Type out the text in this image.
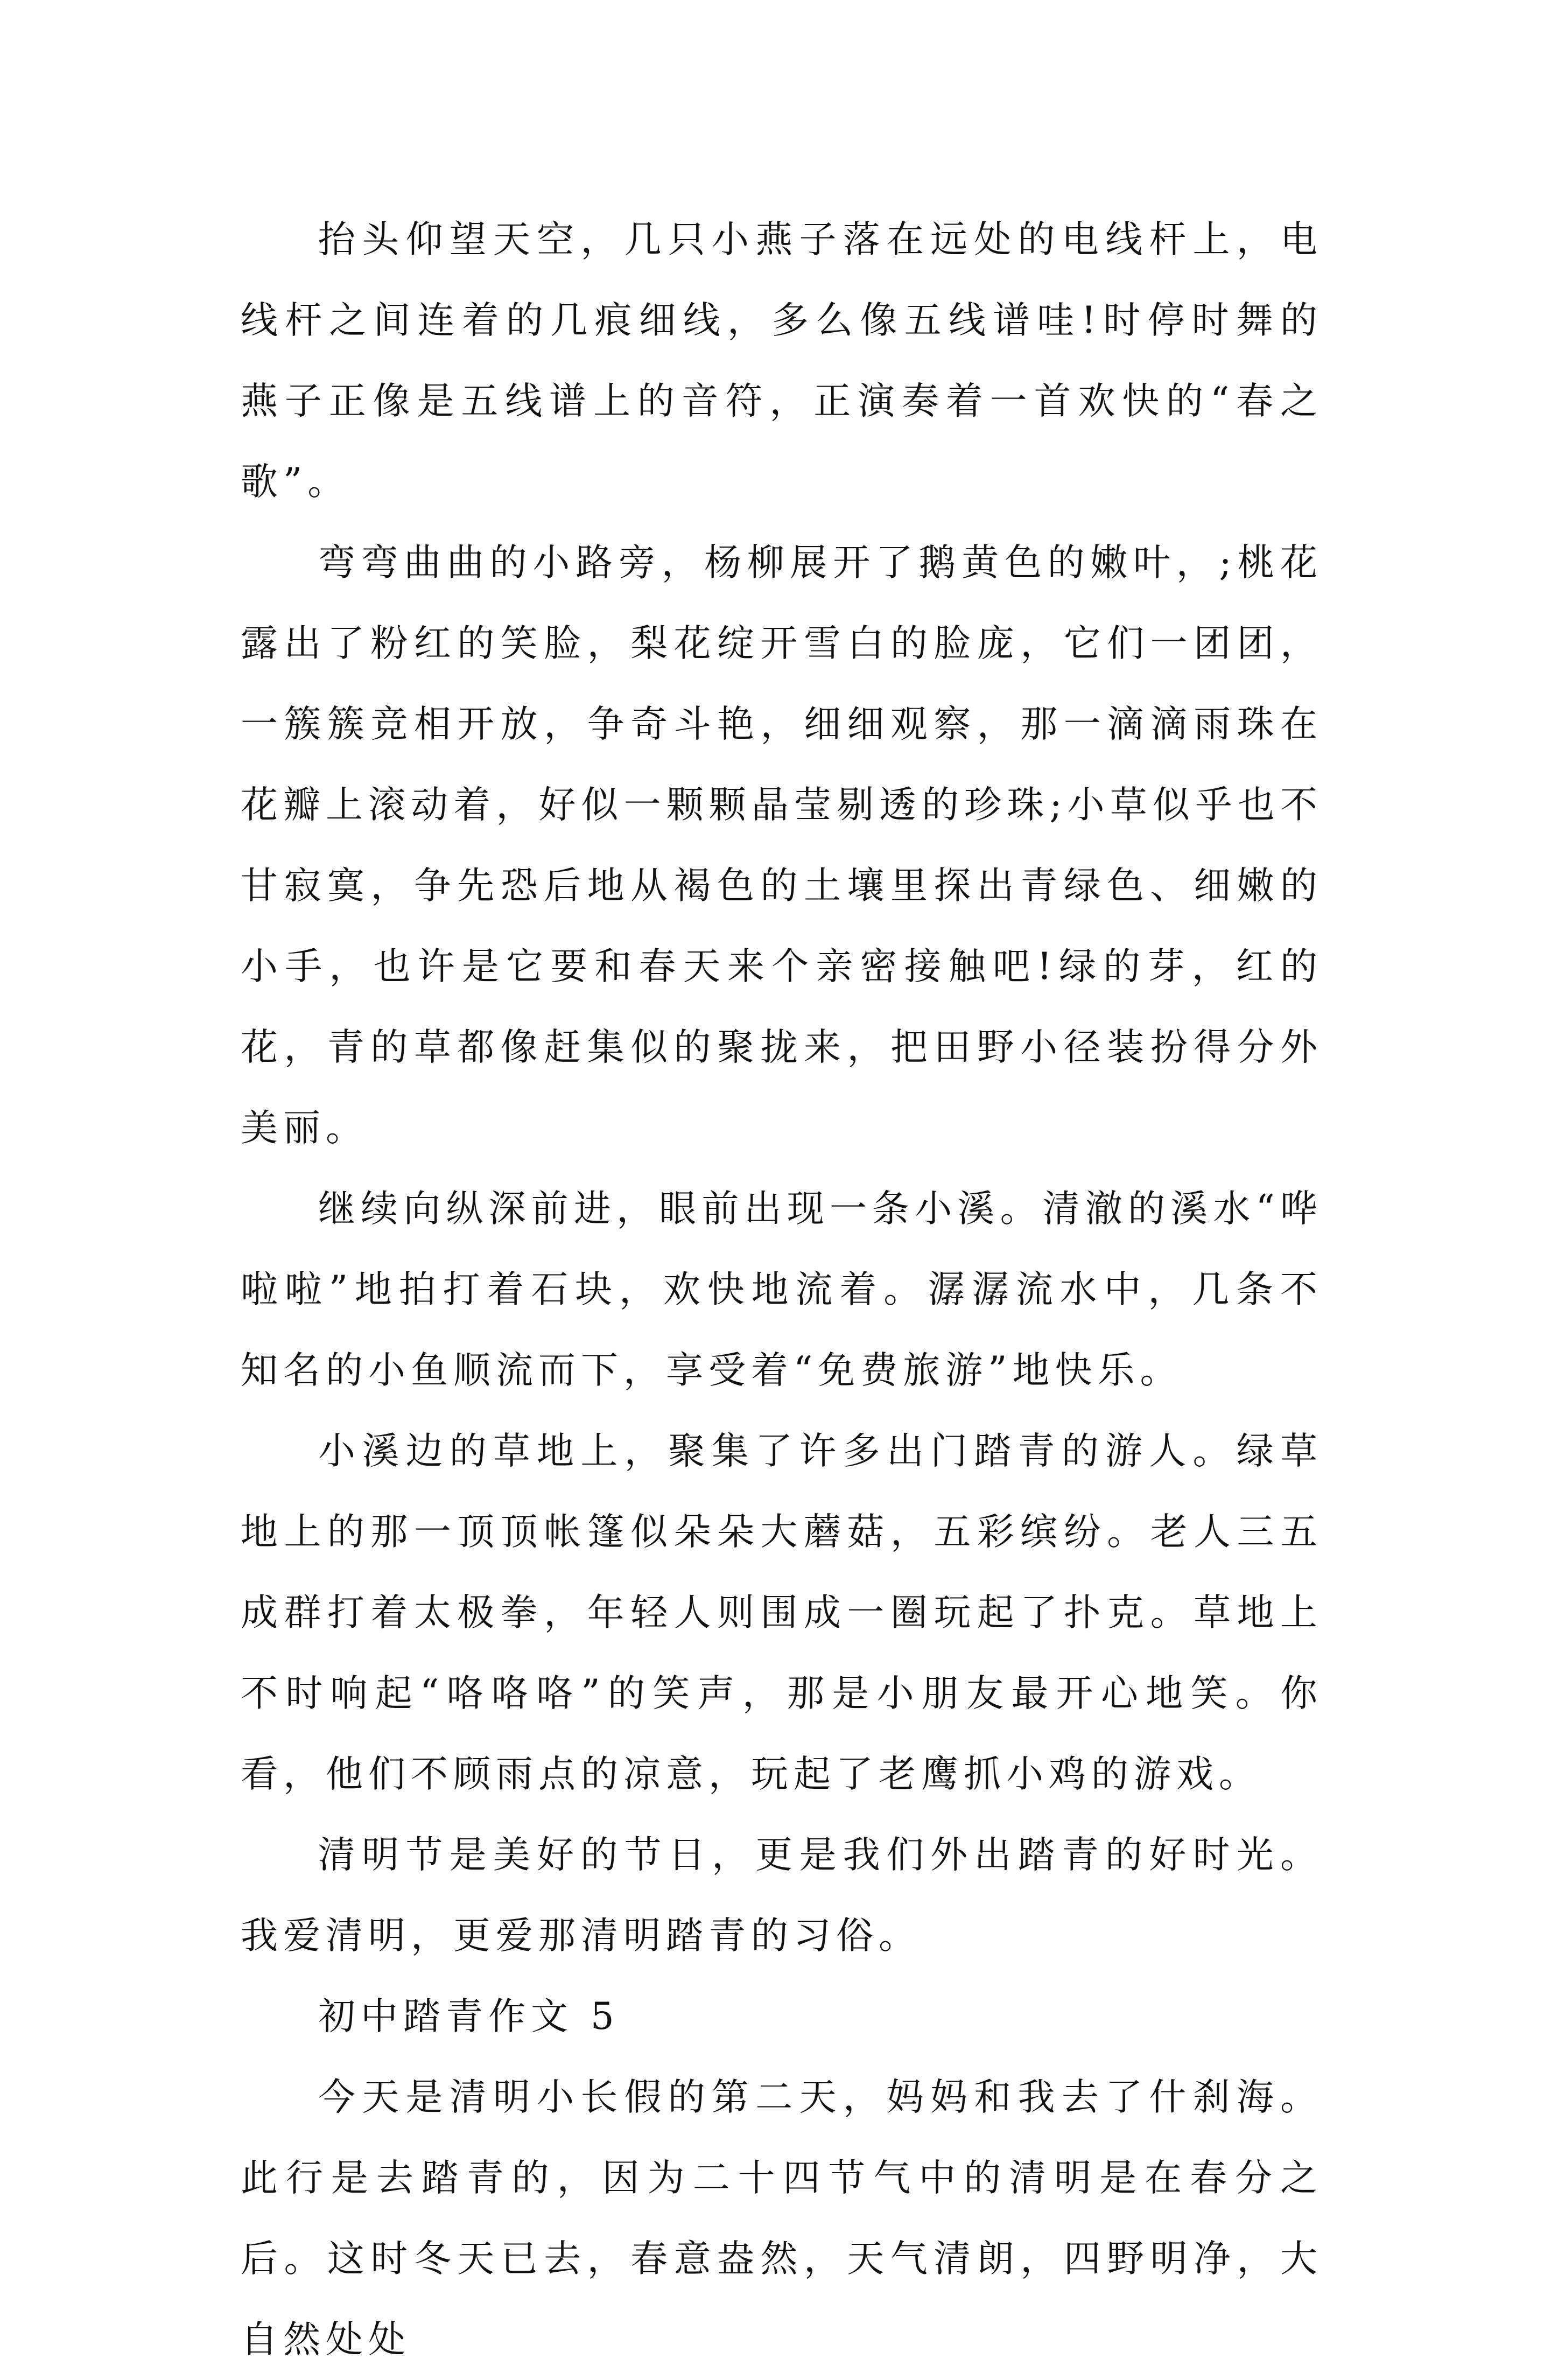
抬头仰望天空，几只小燕子落在远处的电线杆上，电线杆之间连着的几痕细线，多么像五线谱哇!时停时舞的燕子正像是五线谱上的音符，正演奏着一首欢快的“春之歌”。

弯弯曲曲的小路旁，杨柳展开了鹅黄色的嫩叶，;桃花露出了粉红的笑脸，梨花绽开雪白的脸庞，它们一团团，一簇簇竞相开放，争奇斗艳，细细观察，那一滴滴雨珠在花瓣上滚动着，好似一颗颗晶莹剔透的珍珠;小草似乎也不甘寂寞，争先恐后地从褐色的土壤里探出青绿色、细嫩的小手，也许是它要和春天来个亲密接触吧!绿的芽，红的花，青的草都像赶集似的聚拢来，把田野小径装扮得分外美丽。

继续向纵深前进，眼前出现一条小溪。清澈的溪水“哗啦啦”地拍打着石块，欢快地流着。潺潺流水中，几条不知名的小鱼顺流而下，享受着“免费旅游”地快乐。

小溪边的草地上，聚集了许多出门踏青的游人。绿草地上的那一顶顶帐篷似朵朵大蘑菇，五彩缤纷。老人三五成群打着太极拳，年轻人则围成一圈玩起了扑克。草地上不时响起“咯咯咯”的笑声，那是小朋友最开心地笑。你看，他们不顾雨点的凉意，玩起了老鹰抓小鸡的游戏。

清明节是美好的节日，更是我们外出踏青的好时光。我爱清明，更爱那清明踏青的习俗。

初中踏青作文 5

今天是清明小长假的第二天，妈妈和我去了什刹海。此行是去踏青的，因为二十四节气中的清明是在春分之后。这时冬天已去，春意盎然，天气清朗，四野明净，大自然处处
